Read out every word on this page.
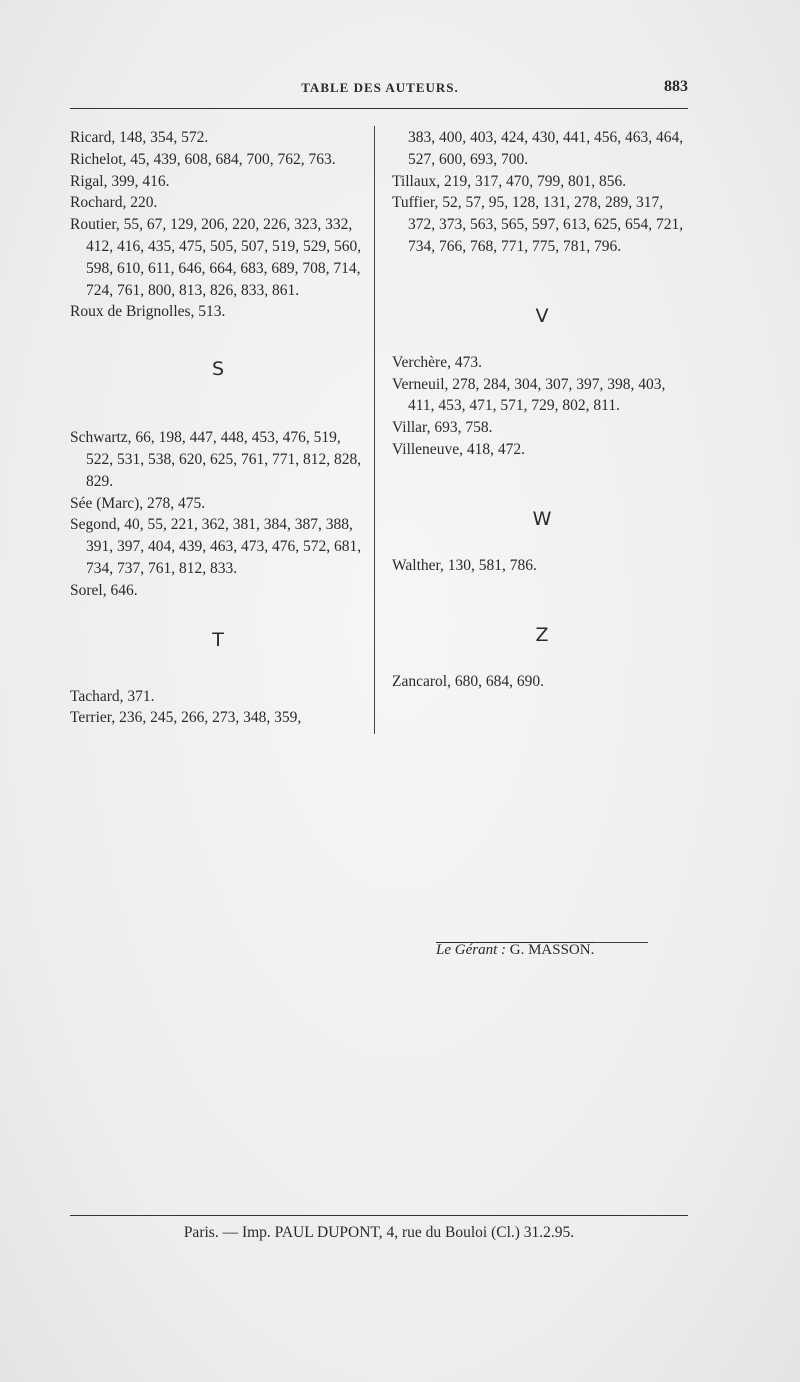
TABLE DES AUTEURS.	883

Ricard, 148, 354, 572.

Richelot, 45, 439, 608, 684, 700, 762, 763.

Rigal, 399, 416.

Rochard, 220.

Routier, 55, 67, 129, 206, 220, 226, 323, 332, 412, 416, 435, 475, 505, 507, 519, 529, 560, 598, 610, 611, 646, 664, 683, 689, 708, 714, 724, 761, 800, 813, 826, 833, 861.

Roux de Brignolles, 513.

S

Schwartz, 66, 198, 447, 448, 453, 476, 519, 522, 531, 538, 620, 625, 761, 771, 812, 828, 829.

Sée (Marc), 278, 475.

Segond, 40, 55, 221, 362, 381, 384, 387, 388, 391, 397, 404, 439, 463, 473, 476, 572, 681, 734, 737, 761, 812, 833.

Sorel, 646.

T

Tachard, 371.

Terrier, 236, 245, 266, 273, 348, 359,

383, 400, 403, 424, 430, 441, 456, 463, 464, 527, 600, 693, 700.

Tillaux, 219, 317, 470, 799, 801, 856.

Tuffier, 52, 57, 95, 128, 131, 278, 289, 317, 372, 373, 563, 565, 597, 613, 625, 654, 721, 734, 766, 768, 771, 775, 781, 796.

V

Verchère, 473.

Verneuil, 278, 284, 304, 307, 397, 398, 403, 411, 453, 471, 571, 729, 802, 811.

Villar, 693, 758.

Villeneuve, 418, 472.

W

Walther, 130, 581, 786.

Z

Zancarol, 680, 684, 690.

Le Gérant : G. MASSON.
Paris. — Imp. PAUL DUPONT, 4, rue du Bouloi (Cl.) 31.2.95.
